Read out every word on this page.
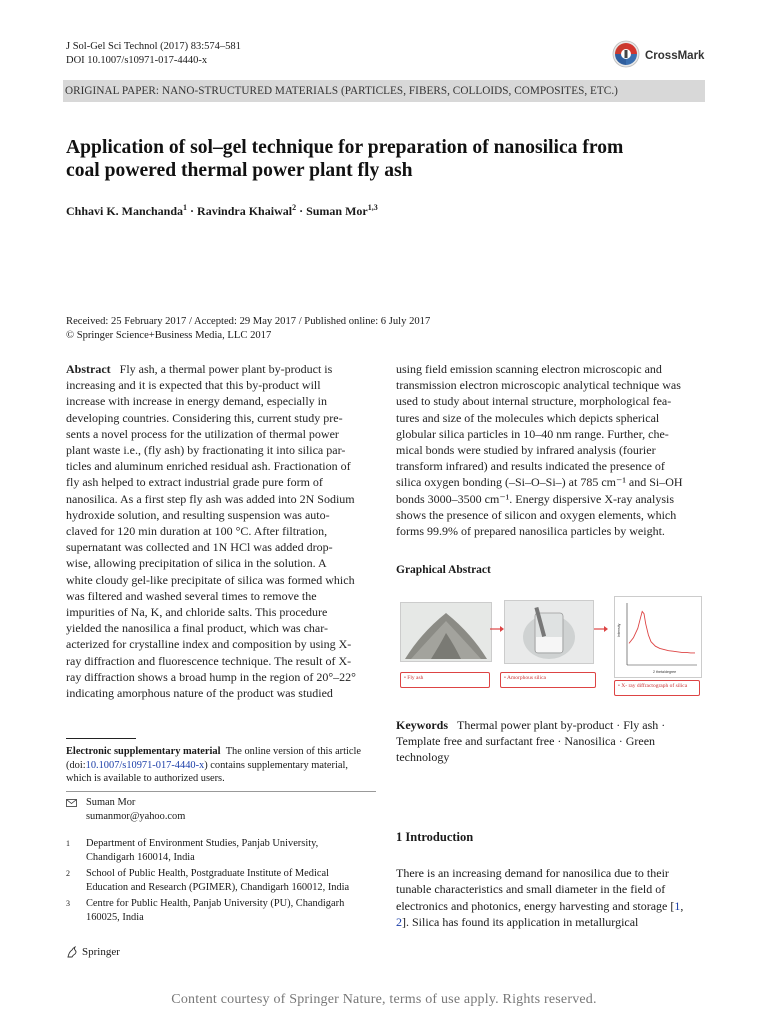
J Sol-Gel Sci Technol (2017) 83:574–581
DOI 10.1007/s10971-017-4440-x	CrossMark
ORIGINAL PAPER: NANO-STRUCTURED MATERIALS (PARTICLES, FIBERS, COLLOIDS, COMPOSITES, ETC.)
Application of sol–gel technique for preparation of nanosilica from
coal powered thermal power plant fly ash
Chhavi K. Manchanda$^1$ · Ravindra Khaiwal$^2$ · Suman Mor$^{1,3}$
Received: 25 February 2017 / Accepted: 29 May 2017 / Published online: 6 July 2017
© Springer Science+Business Media, LLC 2017
Abstract Fly ash, a thermal power plant by-product is
increasing and it is expected that this by-product will
increase with increase in energy demand, especially in
developing countries. Considering this, current study pre-
sents a novel process for the utilization of thermal power
plant waste i.e., (fly ash) by fractionating it into silica par-
ticles and aluminum enriched residual ash. Fractionation of
fly ash helped to extract industrial grade pure form of
nanosilica. As a first step fly ash was added into 2N Sodium
hydroxide solution, and resulting suspension was auto-
claved for 120 min duration at 100 °C. After filtration,
supernatant was collected and 1N HCl was added drop-
wise, allowing precipitation of silica in the solution. A
white cloudy gel-like precipitate of silica was formed which
was filtered and washed several times to remove the
impurities of Na, K, and chloride salts. This procedure
yielded the nanosilica a final product, which was char-
acterized for crystalline index and composition by using X-
ray diffraction and fluorescence technique. The result of X-
ray diffraction shows a broad hump in the region of 20°–22°
indicating amorphous nature of the product was studied
using field emission scanning electron microscopic and
transmission electron microscopic analytical technique was
used to study about internal structure, morphological fea-
tures and size of the molecules which depicts spherical
globular silica particles in 10–40 nm range. Further, che-
mical bonds were studied by infrared analysis (fourier
transform infrared) and results indicated the presence of
silica oxygen bonding (–Si–O–Si–) at 785 cm⁻¹ and Si–OH
bonds 3000–3500 cm⁻¹. Energy dispersive X-ray analysis
shows the presence of silicon and oxygen elements, which
forms 99.9% of prepared nanosilica particles by weight.
Graphical Abstract
Intensity
2 theta/degree
• Fly ash	• Amorphous silica
• X- ray diffractograph of silica
Keywords Thermal power plant by-product · Fly ash ·
Template free and surfactant free · Nanosilica · Green
technology
Electronic supplementary material The online version of this article
(doi:10.1007/s10971-017-4440-x) contains supplementary material,
which is available to authorized users.
Suman Mor
sumanmor@yahoo.com
1 Department of Environment Studies, Panjab University,
Chandigarh 160014, India
2 School of Public Health, Postgraduate Institute of Medical
Education and Research (PGIMER), Chandigarh 160012, India
3 Centre for Public Health, Panjab University (PU), Chandigarh
160025, India
1 Introduction
There is an increasing demand for nanosilica due to their
tunable characteristics and small diameter in the field of
electronics and photonics, energy harvesting and storage [1,
2]. Silica has found its application in metallurgical
Springer
Content courtesy of Springer Nature, terms of use apply. Rights reserved.
